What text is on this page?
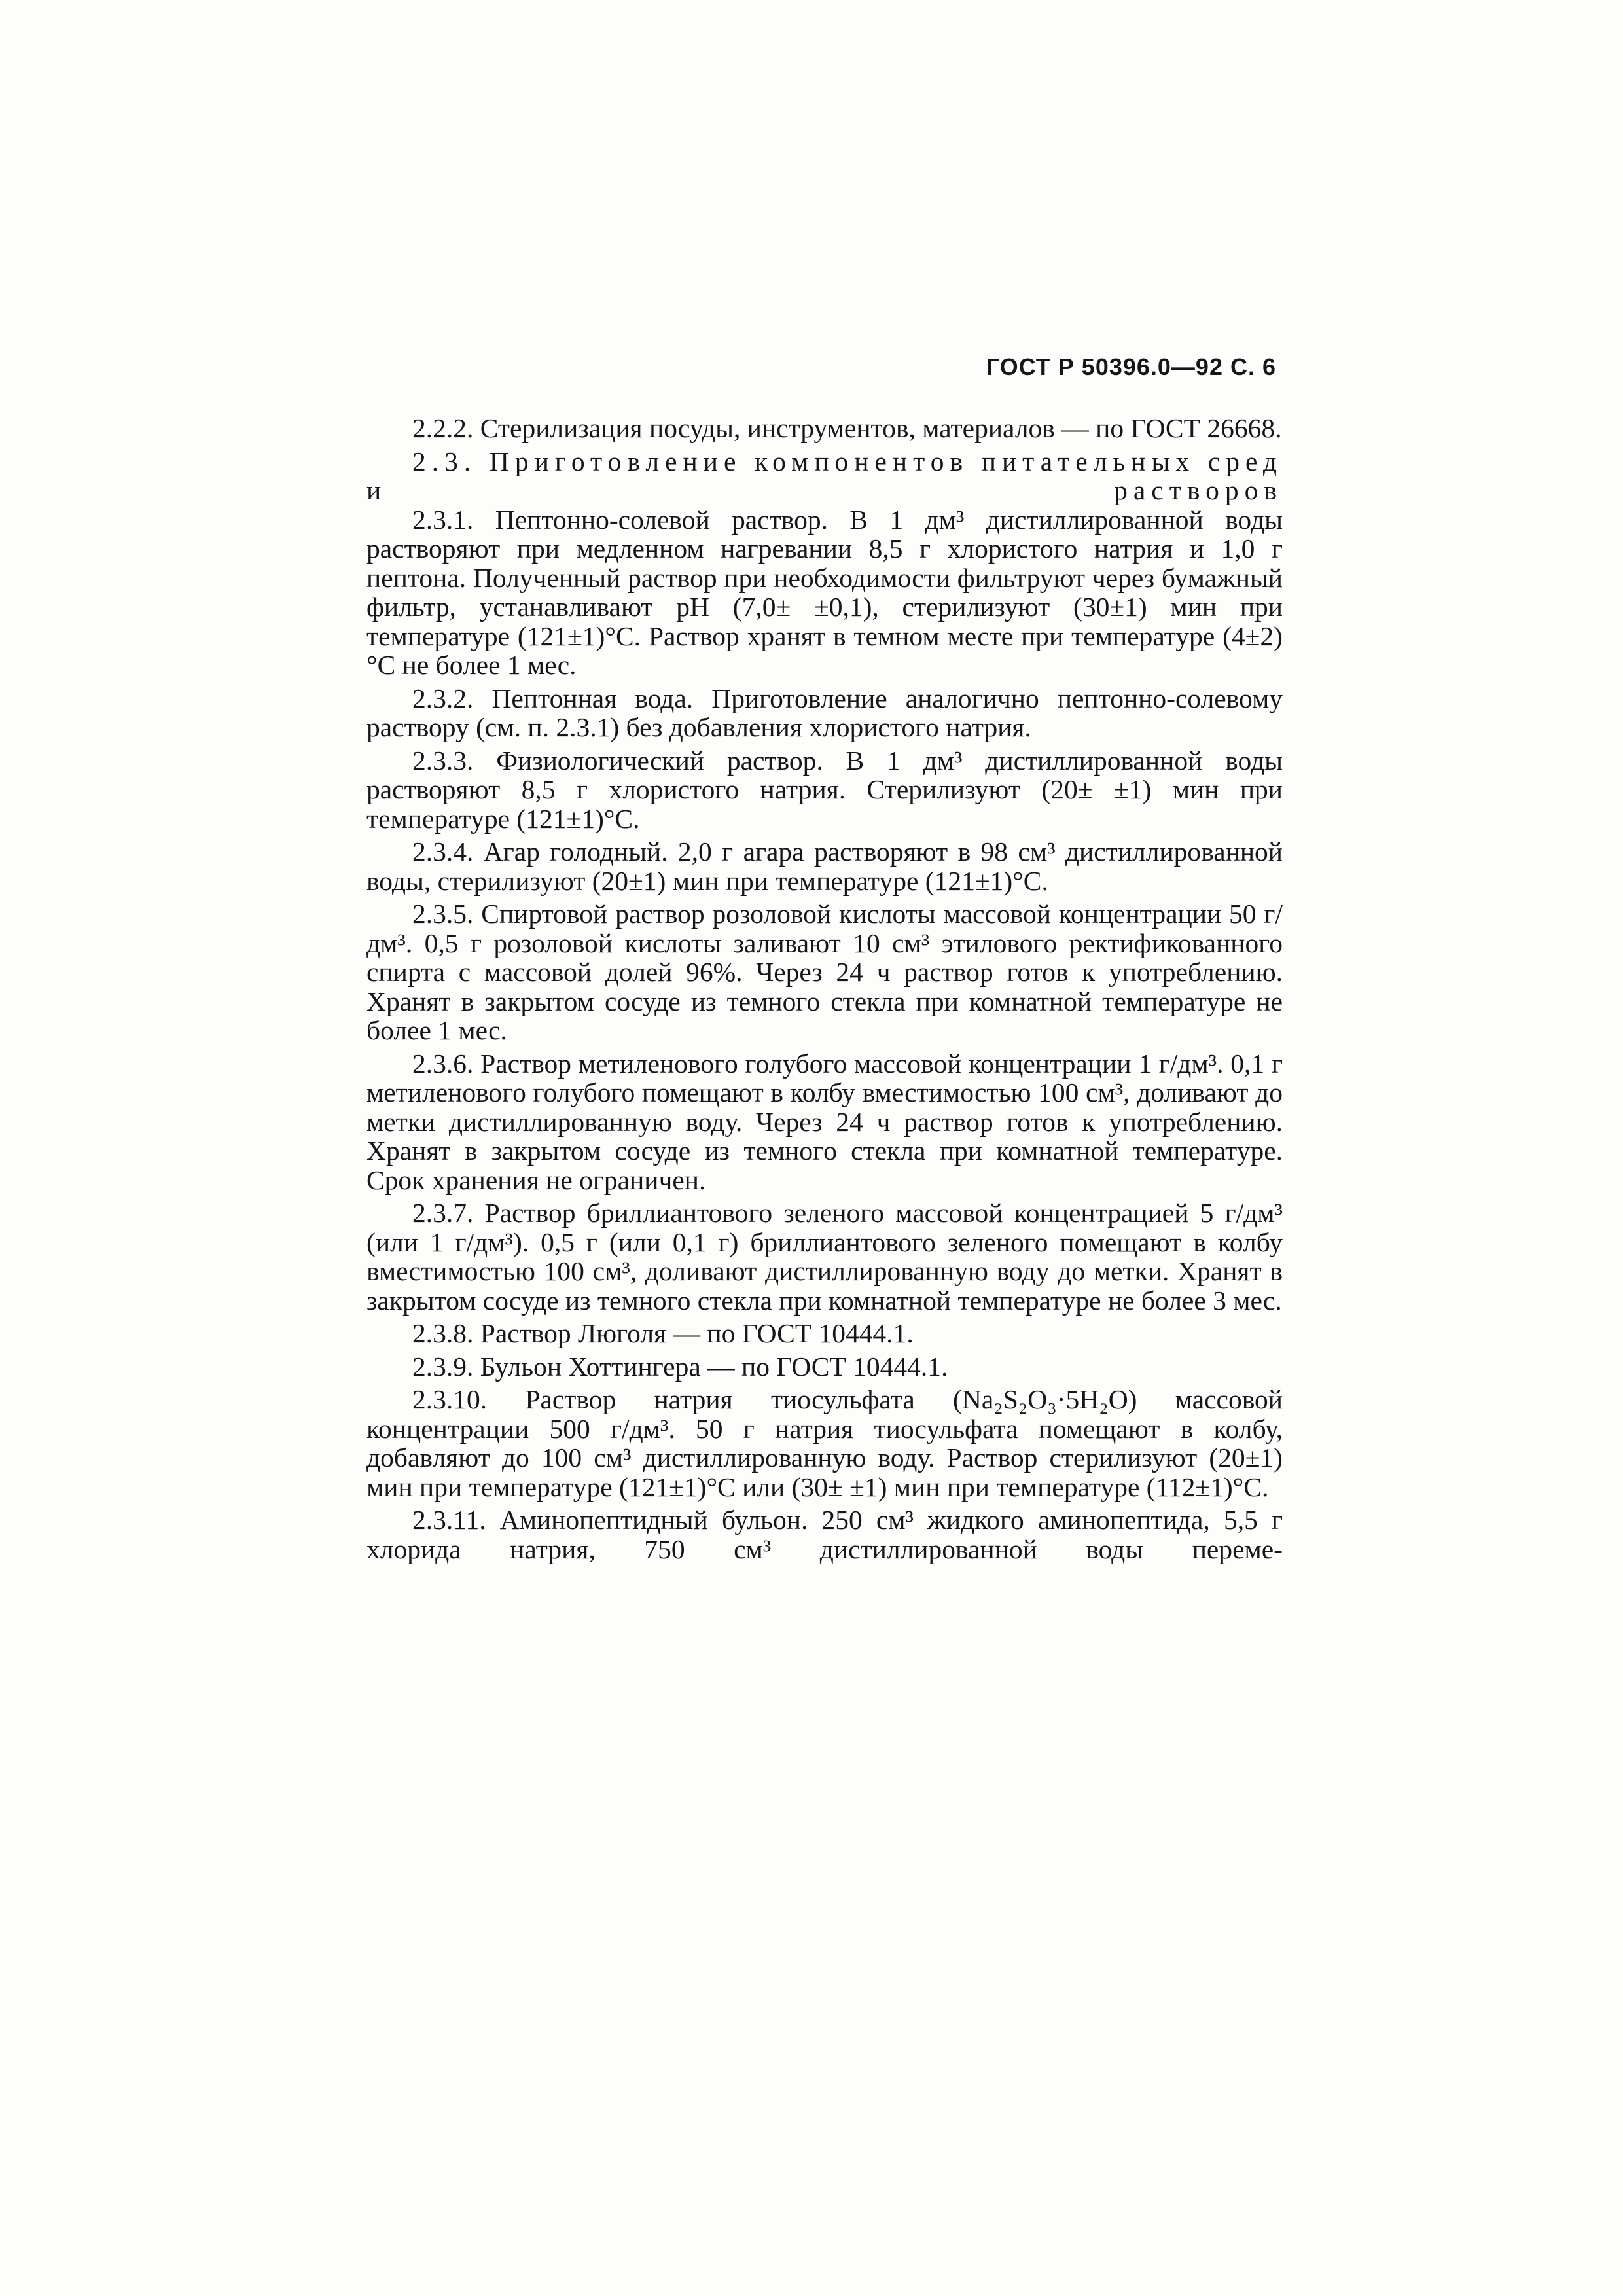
ГОСТ Р 50396.0—92 С. 6

2.2.2. Стерилизация посуды, инструментов, материалов — по ГОСТ 26668.

2.3. Приготовление компонентов питательных сред и растворов

2.3.1. Пептонно-солевой раствор. В 1 дм³ дистиллированной воды растворяют при медленном нагревании 8,5 г хлористого натрия и 1,0 г пептона. Полученный раствор при необходимости фильтруют через бумажный фильтр, устанавливают pH (7,0± ±0,1), стерилизуют (30±1) мин при температуре (121±1)°C. Раствор хранят в темном месте при температуре (4±2)°C не более 1 мес.

2.3.2. Пептонная вода. Приготовление аналогично пептонно-солевому раствору (см. п. 2.3.1) без добавления хлористого натрия.

2.3.3. Физиологический раствор. В 1 дм³ дистиллированной воды растворяют 8,5 г хлористого натрия. Стерилизуют (20± ±1) мин при температуре (121±1)°C.

2.3.4. Агар голодный. 2,0 г агара растворяют в 98 см³ дистиллированной воды, стерилизуют (20±1) мин при температуре (121±1)°C.

2.3.5. Спиртовой раствор розоловой кислоты массовой концентрации 50 г/дм³. 0,5 г розоловой кислоты заливают 10 см³ этилового ректификованного спирта с массовой долей 96%. Через 24 ч раствор готов к употреблению. Хранят в закрытом сосуде из темного стекла при комнатной температуре не более 1 мес.

2.3.6. Раствор метиленового голубого массовой концентрации 1 г/дм³. 0,1 г метиленового голубого помещают в колбу вместимостью 100 см³, доливают до метки дистиллированную воду. Через 24 ч раствор готов к употреблению. Хранят в закрытом сосуде из темного стекла при комнатной температуре. Срок хранения не ограничен.

2.3.7. Раствор бриллиантового зеленого массовой концентрацией 5 г/дм³ (или 1 г/дм³). 0,5 г (или 0,1 г) бриллиантового зеленого помещают в колбу вместимостью 100 см³, доливают дистиллированную воду до метки. Хранят в закрытом сосуде из темного стекла при комнатной температуре не более 3 мес.

2.3.8. Раствор Люголя — по ГОСТ 10444.1.

2.3.9. Бульон Хоттингера — по ГОСТ 10444.1.

2.3.10. Раствор натрия тиосульфата (Na₂S₂O₃·5H₂O) массовой

концентрации 500 г/дм³. 50 г натрия тиосульфата помещают в колбу, добавляют до 100 см³ дистиллированную воду. Раствор стерилизуют (20±1) мин при температуре (121±1)°C или (30± ±1) мин при температуре (112±1)°C.

2.3.11. Аминопептидный бульон. 250 см³ жидкого аминопептида, 5,5 г хлорида натрия, 750 см³ дистиллированной воды переме-
